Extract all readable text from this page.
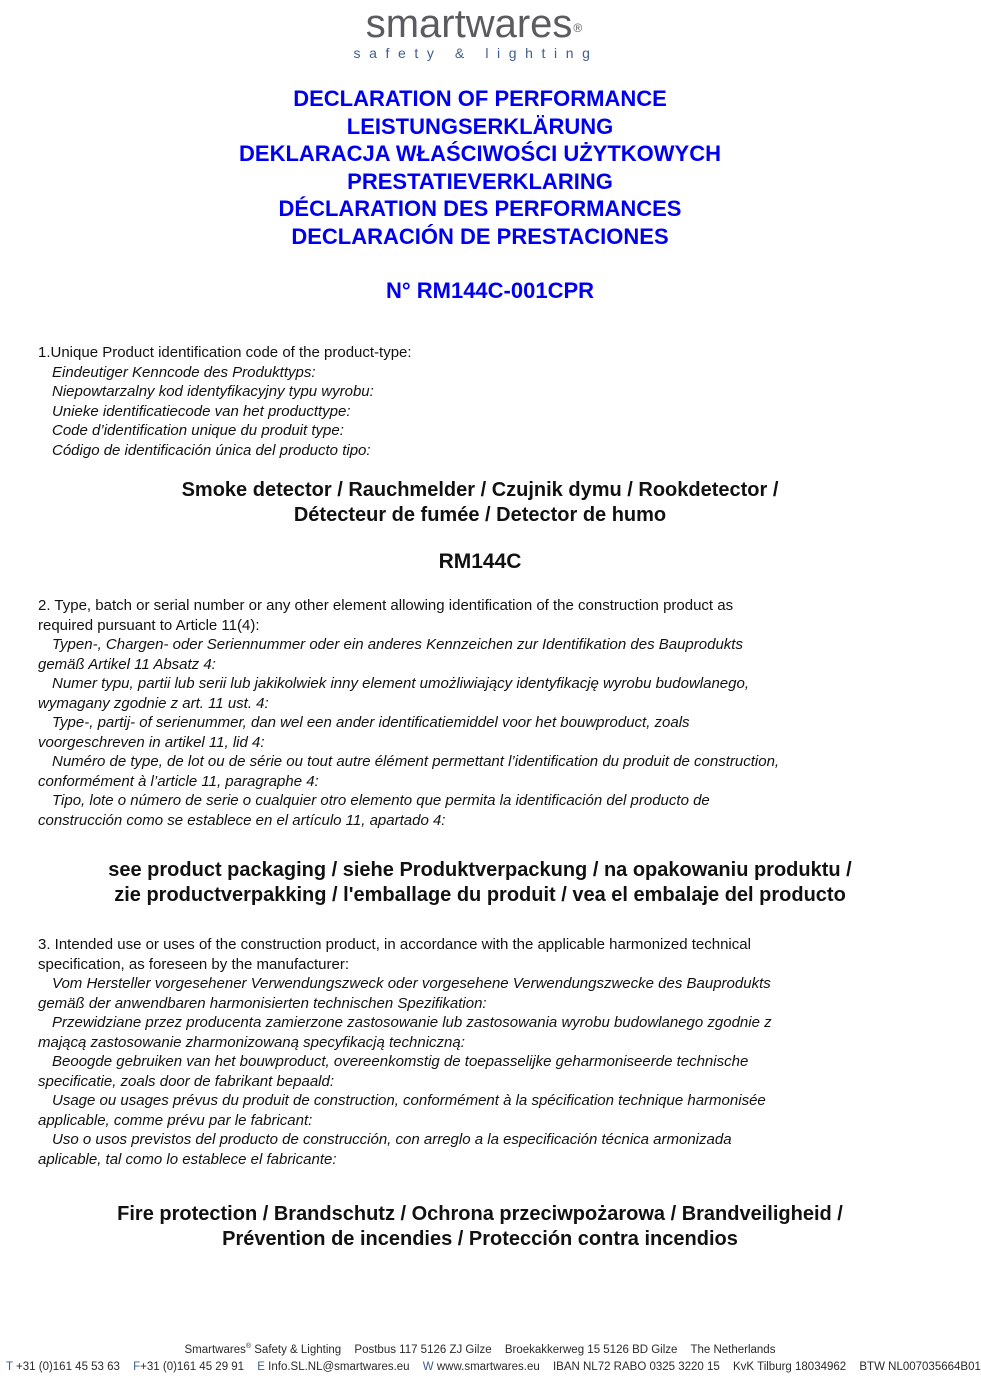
smartwares®
safety & lighting
DECLARATION OF PERFORMANCE
LEISTUNGSERKLÄRUNG
DEKLARACJA WŁAŚCIWOŚCI UŻYTKOWYCH
PRESTATIEVERKLARING
DÉCLARATION DES PERFORMANCES
DECLARACIÓN DE PRESTACIONES
N° RM144C-001CPR
1.Unique Product identification code of the product-type:
Eindeutiger Kenncode des Produkttyps:
Niepowtarzalny kod identyfikacyjny typu wyrobu:
Unieke identificatiecode van het producttype:
Code d’identification unique du produit type:
Código de identificación única del producto tipo:
Smoke detector / Rauchmelder / Czujnik dymu / Rookdetector /
Détecteur de fumée / Detector de humo
RM144C
2. Type, batch or serial number or any other element allowing identification of the construction product as
required pursuant to Article 11(4):
Typen-, Chargen- oder Seriennummer oder ein anderes Kennzeichen zur Identifikation des Bauprodukts
gemäß Artikel 11 Absatz 4:
Numer typu, partii lub serii lub jakikolwiek inny element umożliwiający identyfikację wyrobu budowlanego,
wymagany zgodnie z art. 11 ust. 4:
Type-, partij- of serienummer, dan wel een ander identificatiemiddel voor het bouwproduct, zoals
voorgeschreven in artikel 11, lid 4:
Numéro de type, de lot ou de série ou tout autre élément permettant l’identification du produit de construction,
conformément à l’article 11, paragraphe 4:
Tipo, lote o número de serie o cualquier otro elemento que permita la identificación del producto de
construcción como se establece en el artículo 11, apartado 4:
see product packaging / siehe Produktverpackung / na opakowaniu produktu /
zie productverpakking / l'emballage du produit / vea el embalaje del producto
3. Intended use or uses of the construction product, in accordance with the applicable harmonized technical
specification, as foreseen by the manufacturer:
Vom Hersteller vorgesehener Verwendungszweck oder vorgesehene Verwendungszwecke des Bauprodukts
gemäß der anwendbaren harmonisierten technischen Spezifikation:
Przewidziane przez producenta zamierzone zastosowanie lub zastosowania wyrobu budowlanego zgodnie z
mającą zastosowanie zharmonizowaną specyfikacją techniczną:
Beoogde gebruiken van het bouwproduct, overeenkomstig de toepasselijke geharmoniseerde technische
specificatie, zoals door de fabrikant bepaald:
Usage ou usages prévus du produit de construction, conformément à la spécification technique harmonisée
applicable, comme prévu par le fabricant:
Uso o usos previstos del producto de construcción, con arreglo a la especificación técnica armonizada
aplicable, tal como lo establece el fabricante:
Fire protection / Brandschutz / Ochrona przeciwpożarowa / Brandveiligheid /
Prévention de incendies / Protección contra incendios
Smartwares® Safety & Lighting Postbus 117 5126 ZJ Gilze Broekakkerweg 15 5126 BD Gilze The Netherlands
T +31 (0)161 45 53 63 F+31 (0)161 45 29 91 E Info.SL.NL@smartwares.eu W www.smartwares.eu IBAN NL72 RABO 0325 3220 15 KvK Tilburg 18034962 BTW NL007035664B01
